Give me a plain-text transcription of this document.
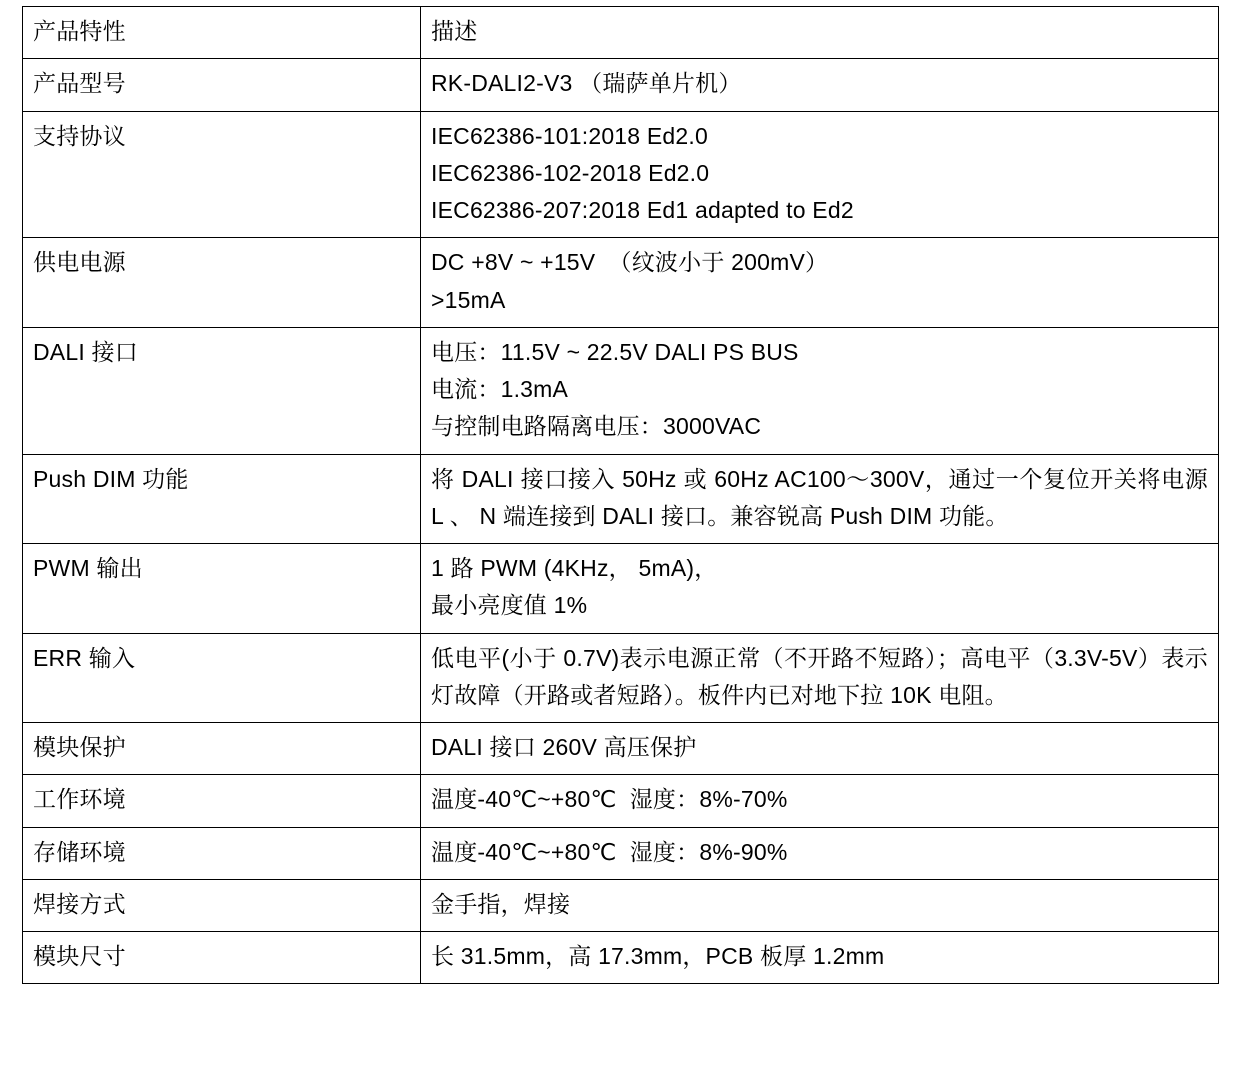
产品特性	描述

产品型号	RK-DALI2-V3 （瑞萨单片机）

支持协议	IEC62386-101:2018 Ed2.0
IEC62386-102-2018 Ed2.0
IEC62386-207:2018 Ed1 adapted to Ed2

供电电源	DC +8V ~ +15V  （纹波小于 200mV）
>15mA

DALI 接口	电压：11.5V ~ 22.5V DALI PS BUS
电流：1.3mA
与控制电路隔离电压：3000VAC

Push DIM 功能	将 DALI 接口接入 50Hz 或 60Hz AC100～300V，通过一个复位开关将电源 L 、 N 端连接到 DALI 接口。兼容锐高 Push DIM 功能。

PWM 输出	1 路 PWM (4KHz， 5mA)，
最小亮度值 1%

ERR 输入	低电平(小于 0.7V)表示电源正常（不开路不短路）；高电平（3.3V-5V）表示灯故障（开路或者短路）。板件内已对地下拉 10K 电阻。

模块保护	DALI 接口 260V 高压保护

工作环境	温度-40℃~+80℃  湿度：8%-70%

存储环境	温度-40℃~+80℃  湿度：8%-90%

焊接方式	金手指，焊接

模块尺寸	长 31.5mm，高 17.3mm，PCB 板厚 1.2mm
